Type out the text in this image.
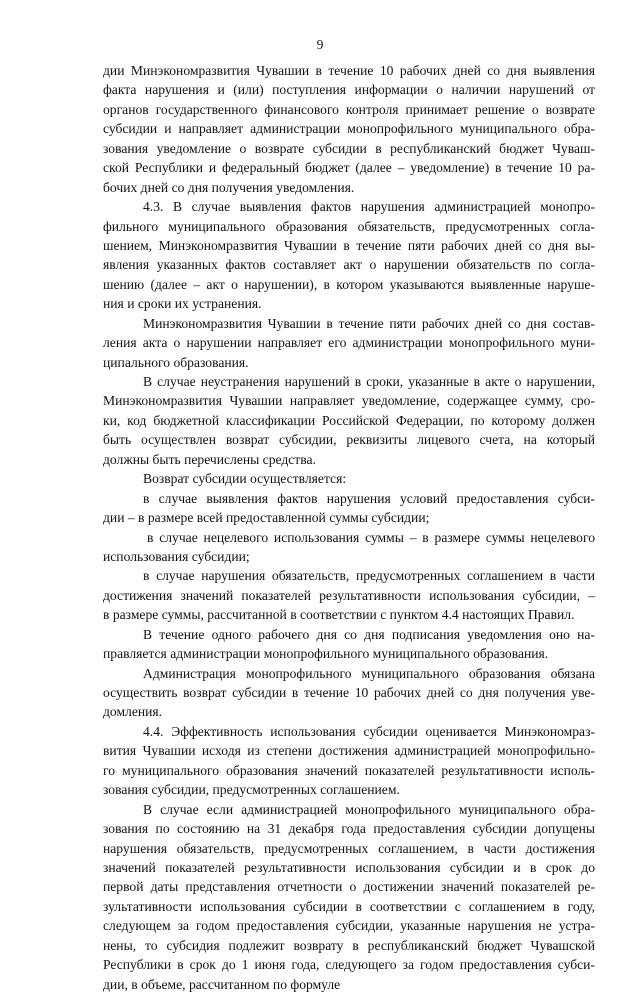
9
дии Минэкономразвития Чувашии в течение 10 рабочих дней со дня выявления
факта нарушения и (или) поступления информации о наличии нарушений от
органов государственного финансового контроля принимает решение о возврате
субсидии и направляет администрации монопрофильного муниципального обра-
зования уведомление о возврате субсидии в республиканский бюджет Чуваш-
ской Республики и федеральный бюджет (далее – уведомление) в течение 10 ра-
бочих дней со дня получения уведомления.
4.3. В случае выявления фактов нарушения администрацией монопро-
фильного муниципального образования обязательств, предусмотренных согла-
шением, Минэкономразвития Чувашии в течение пяти рабочих дней со дня вы-
явления указанных фактов составляет акт о нарушении обязательств по согла-
шению (далее – акт о нарушении), в котором указываются выявленные наруше-
ния и сроки их устранения.
Минэкономразвития Чувашии в течение пяти рабочих дней со дня состав-
ления акта о нарушении направляет его администрации монопрофильного муни-
ципального образования.
В случае неустранения нарушений в сроки, указанные в акте о нарушении,
Минэкономразвития Чувашии направляет уведомление, содержащее сумму, сро-
ки, код бюджетной классификации Российской Федерации, по которому должен
быть осуществлен возврат субсидии, реквизиты лицевого счета, на который
должны быть перечислены средства.
Возврат субсидии осуществляется:
в случае выявления фактов нарушения условий предоставления субси-
дии – в размере всей предоставленной суммы субсидии;
в случае нецелевого использования суммы – в размере суммы нецелевого
использования субсидии;
в случае нарушения обязательств, предусмотренных соглашением в части
достижения значений показателей результативности использования субсидии, –
в размере суммы, рассчитанной в соответствии с пунктом 4.4 настоящих Правил.
В течение одного рабочего дня со дня подписания уведомления оно на-
правляется администрации монопрофильного муниципального образования.
Администрация монопрофильного муниципального образования обязана
осуществить возврат субсидии в течение 10 рабочих дней со дня получения уве-
домления.
4.4. Эффективность использования субсидии оценивается Минэкономраз-
вития Чувашии исходя из степени достижения администрацией монопрофильно-
го муниципального образования значений показателей результативности исполь-
зования субсидии, предусмотренных соглашением.
В случае если администрацией монопрофильного муниципального обра-
зования по состоянию на 31 декабря года предоставления субсидии допущены
нарушения обязательств, предусмотренных соглашением, в части достижения
значений показателей результативности использования субсидии и в срок до
первой даты представления отчетности о достижении значений показателей ре-
зультативности использования субсидии в соответствии с соглашением в году,
следующем за годом предоставления субсидии, указанные нарушения не устра-
нены, то субсидия подлежит возврату в республиканский бюджет Чувашской
Республики в срок до 1 июня года, следующего за годом предоставления субси-
дии, в объеме, рассчитанном по формуле
